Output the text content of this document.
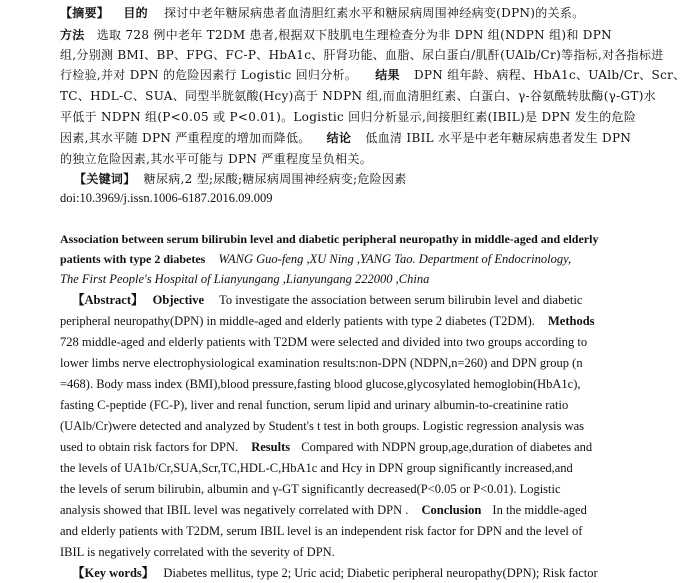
【摘要】 目的 探讨中老年糖尿病患者血清胆红素水平和糖尿病周围神经病变(DPN)的关系。
方法 选取 728 例中老年 T2DM 患者,根据双下肢肌电生理检查分为非 DPN 组(NDPN 组)和 DPN
组,分别测 BMI、BP、FPG、FC-P、HbA1c、肝肾功能、血脂、尿白蛋白/肌酐(UAlb/Cr)等指标,对各指标进
行检验,并对 DPN 的危险因素行 Logistic 回归分析。 结果 DPN 组年龄、病程、HbA1c、UAlb/Cr、Scr、
TC、HDL-C、SUA、同型半胱氨酸(Hcy)高于 NDPN 组,而血清胆红素、白蛋白、γ-谷氨酰转肽酶(γ-GT)水
平低于 NDPN 组(P<0.05 或 P<0.01)。Logistic 回归分析显示,间接胆红素(IBIL)是 DPN 发生的危险
因素,其水平随 DPN 严重程度的增加而降低。 结论 低血清 IBIL 水平是中老年糖尿病患者发生 DPN
的独立危险因素,其水平可能与 DPN 严重程度呈负相关。
【关键词】 糖尿病,2 型;尿酸;糖尿病周围神经病变;危险因素
doi:10.3969/j.issn.1006-6187.2016.09.009
Association between serum bilirubin level and diabetic peripheral neuropathy in middle-aged and elderly
patients with type 2 diabetes WANG Guo-feng ,XU Ning ,YANG Tao. Department of Endocrinology,
The First People's Hospital of Lianyungang ,Lianyungang 222000 ,China
【Abstract】 Objective To investigate the association between serum bilirubin level and diabetic
peripheral neuropathy(DPN) in middle-aged and elderly patients with type 2 diabetes (T2DM). Methods
728 middle-aged and elderly patients with T2DM were selected and divided into two groups according to
lower limbs nerve electrophysiological examination results:non-DPN (NDPN,n=260) and DPN group (n
=468). Body mass index (BMI),blood pressure,fasting blood glucose,glycosylated hemoglobin(HbA1c),
fasting C-peptide (FC-P), liver and renal function, serum lipid and urinary albumin-to-creatinine ratio
(UAlb/Cr)were detected and analyzed by Student's t test in both groups. Logistic regression analysis was
used to obtain risk factors for DPN. Results Compared with NDPN group,age,duration of diabetes and
the levels of UA1b/Cr,SUA,Scr,TC,HDL-C,HbA1c and Hcy in DPN group significantly increased,and
the levels of serum bilirubin, albumin and γ-GT significantly decreased(P<0.05 or P<0.01). Logistic
analysis showed that IBIL level was negatively correlated with DPN . Conclusion In the middle-aged
and elderly patients with T2DM, serum IBIL level is an independent risk factor for DPN and the level of
IBIL is negatively correlated with the severity of DPN.
【Key words】 Diabetes mellitus, type 2; Uric acid; Diabetic peripheral neuropathy(DPN); Risk factor
